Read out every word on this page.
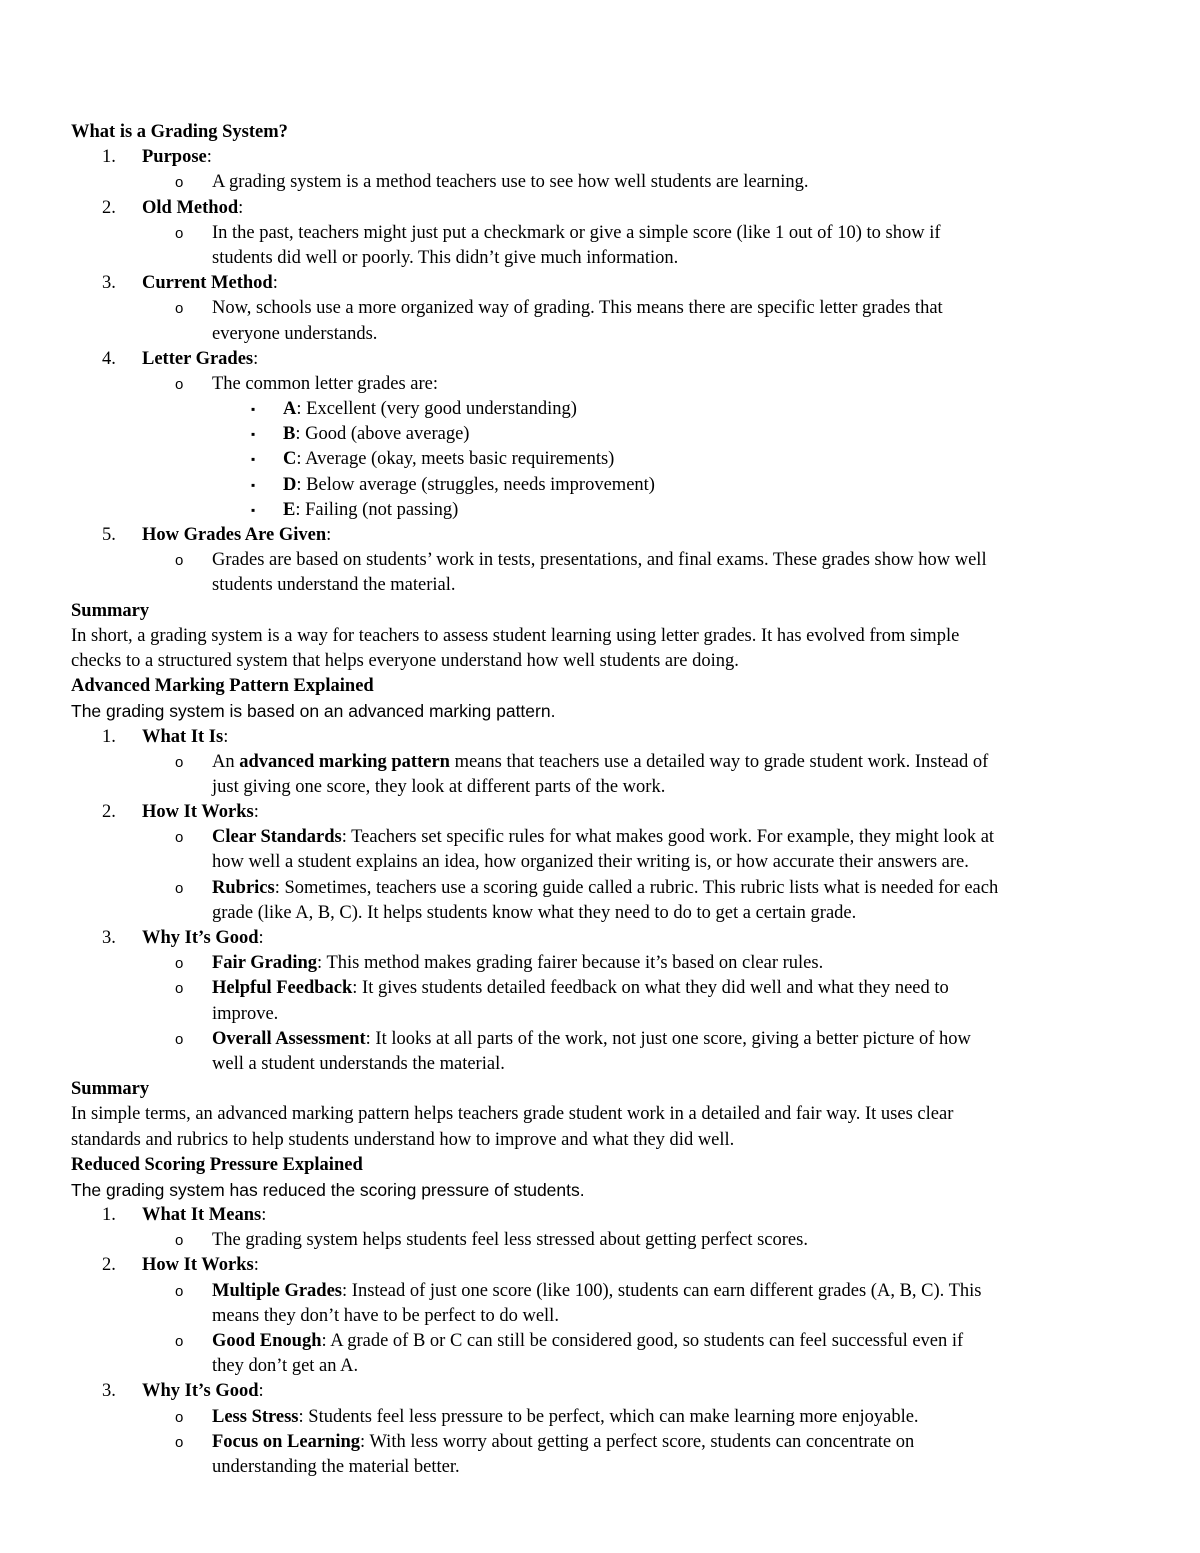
What is a Grading System?
1. Purpose:
o A grading system is a method teachers use to see how well students are learning.
2. Old Method:
o In the past, teachers might just put a checkmark or give a simple score (like 1 out of 10) to show if
students did well or poorly. This didn’t give much information.
3. Current Method:
o Now, schools use a more organized way of grading. This means there are specific letter grades that
everyone understands.
4. Letter Grades:
o The common letter grades are:
▪ A: Excellent (very good understanding)
▪ B: Good (above average)
▪ C: Average (okay, meets basic requirements)
▪ D: Below average (struggles, needs improvement)
▪ E: Failing (not passing)
5. How Grades Are Given:
o Grades are based on students’ work in tests, presentations, and final exams. These grades show how well
students understand the material.
Summary
In short, a grading system is a way for teachers to assess student learning using letter grades. It has evolved from simple
checks to a structured system that helps everyone understand how well students are doing.
Advanced Marking Pattern Explained
The grading system is based on an advanced marking pattern.
1. What It Is:
o An advanced marking pattern means that teachers use a detailed way to grade student work. Instead of
just giving one score, they look at different parts of the work.
2. How It Works:
o Clear Standards: Teachers set specific rules for what makes good work. For example, they might look at
how well a student explains an idea, how organized their writing is, or how accurate their answers are.
o Rubrics: Sometimes, teachers use a scoring guide called a rubric. This rubric lists what is needed for each
grade (like A, B, C). It helps students know what they need to do to get a certain grade.
3. Why It’s Good:
o Fair Grading: This method makes grading fairer because it’s based on clear rules.
o Helpful Feedback: It gives students detailed feedback on what they did well and what they need to
improve.
o Overall Assessment: It looks at all parts of the work, not just one score, giving a better picture of how
well a student understands the material.
Summary
In simple terms, an advanced marking pattern helps teachers grade student work in a detailed and fair way. It uses clear
standards and rubrics to help students understand how to improve and what they did well.
Reduced Scoring Pressure Explained
The grading system has reduced the scoring pressure of students.
1. What It Means:
o The grading system helps students feel less stressed about getting perfect scores.
2. How It Works:
o Multiple Grades: Instead of just one score (like 100), students can earn different grades (A, B, C). This
means they don’t have to be perfect to do well.
o Good Enough: A grade of B or C can still be considered good, so students can feel successful even if
they don’t get an A.
3. Why It’s Good:
o Less Stress: Students feel less pressure to be perfect, which can make learning more enjoyable.
o Focus on Learning: With less worry about getting a perfect score, students can concentrate on
understanding the material better.
